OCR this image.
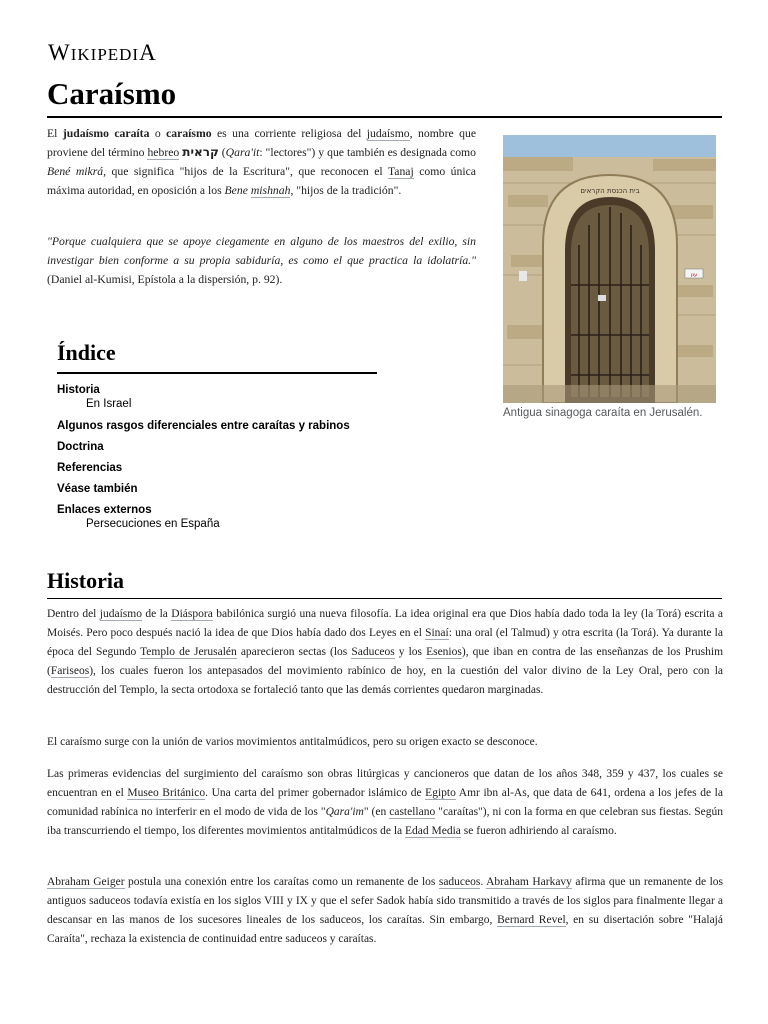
WIKIPEDIA
Caraísmo

El judaísmo caraíta o caraísmo es una corriente religiosa del judaísmo, nombre que proviene del término hebreo קראית (Qara'it: "lectores") y que también es designada como Bené mikrá, que significa "hijos de la Escritura", que reconocen el Tanaj como única máxima autoridad, en oposición a los Bene mishnah, "hijos de la tradición".

"Porque cualquiera que se apoye ciegamente en alguno de los maestros del exilio, sin investigar bien conforme a su propia sabiduría, es como el que practica la idolatría." (Daniel al-Kumisi, Epístola a la dispersión, p. 92).

בית הכנסת הקראים
ענן
Antigua sinagoga caraíta en Jerusalén.
Índice
Historia
En Israel
Algunos rasgos diferenciales entre caraítas y rabinos
Doctrina
Referencias
Véase también
Enlaces externos
Persecuciones en España
Historia

Dentro del judaísmo de la Diáspora babilónica surgió una nueva filosofía. La idea original era que Dios había dado toda la ley (la Torá) escrita a Moisés. Pero poco después nació la idea de que Dios había dado dos Leyes en el Sinaí: una oral (el Talmud) y otra escrita (la Torá). Ya durante la época del Segundo Templo de Jerusalén aparecieron sectas (los Saduceos y los Esenios), que iban en contra de las enseñanzas de los Prushim (Fariseos), los cuales fueron los antepasados del movimiento rabínico de hoy, en la cuestión del valor divino de la Ley Oral, pero con la destrucción del Templo, la secta ortodoxa se fortaleció tanto que las demás corrientes quedaron marginadas.

El caraísmo surge con la unión de varios movimientos antitalmúdicos, pero su origen exacto se desconoce.

Las primeras evidencias del surgimiento del caraísmo son obras litúrgicas y cancioneros que datan de los años 348, 359 y 437, los cuales se encuentran en el Museo Británico. Una carta del primer gobernador islámico de Egipto Amr ibn al-As, que data de 641, ordena a los jefes de la comunidad rabínica no interferir en el modo de vida de los "Qara'im" (en castellano "caraítas"), ni con la forma en que celebran sus fiestas. Según iba transcurriendo el tiempo, los diferentes movimientos antitalmúdicos de la Edad Media se fueron adhiriendo al caraísmo.

Abraham Geiger postula una conexión entre los caraítas como un remanente de los saduceos. Abraham Harkavy afirma que un remanente de los antiguos saduceos todavía existía en los siglos VIII y IX y que el sefer Sadok había sido transmitido a través de los siglos para finalmente llegar a descansar en las manos de los sucesores lineales de los saduceos, los caraítas. Sin embargo, Bernard Revel, en su disertación sobre "Halajá Caraíta", rechaza la existencia de continuidad entre saduceos y caraítas.
